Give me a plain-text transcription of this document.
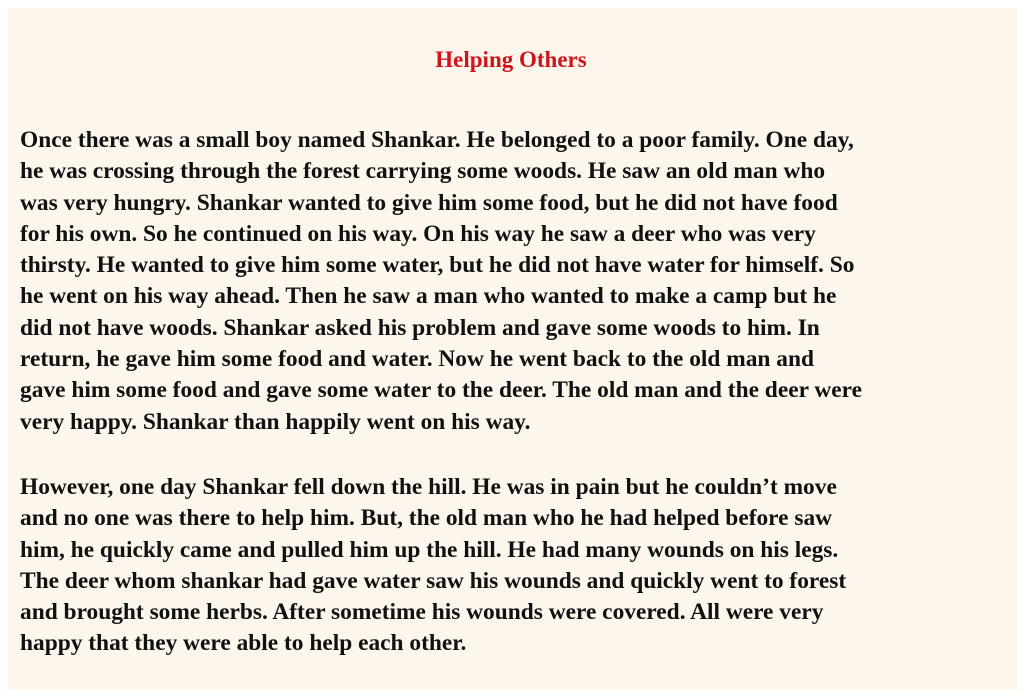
Helping Others

Once there was a small boy named Shankar. He belonged to a poor family. One day,
he was crossing through the forest carrying some woods. He saw an old man who
was very hungry. Shankar wanted to give him some food, but he did not have food
for his own. So he continued on his way. On his way he saw a deer who was very
thirsty. He wanted to give him some water, but he did not have water for himself. So
he went on his way ahead. Then he saw a man who wanted to make a camp but he
did not have woods. Shankar asked his problem and gave some woods to him. In
return, he gave him some food and water. Now he went back to the old man and
gave him some food and gave some water to the deer. The old man and the deer were
very happy. Shankar than happily went on his way.

However, one day Shankar fell down the hill. He was in pain but he couldn’t move
and no one was there to help him. But, the old man who he had helped before saw
him, he quickly came and pulled him up the hill. He had many wounds on his legs.
The deer whom shankar had gave water saw his wounds and quickly went to forest
and brought some herbs. After sometime his wounds were covered. All were very
happy that they were able to help each other.
